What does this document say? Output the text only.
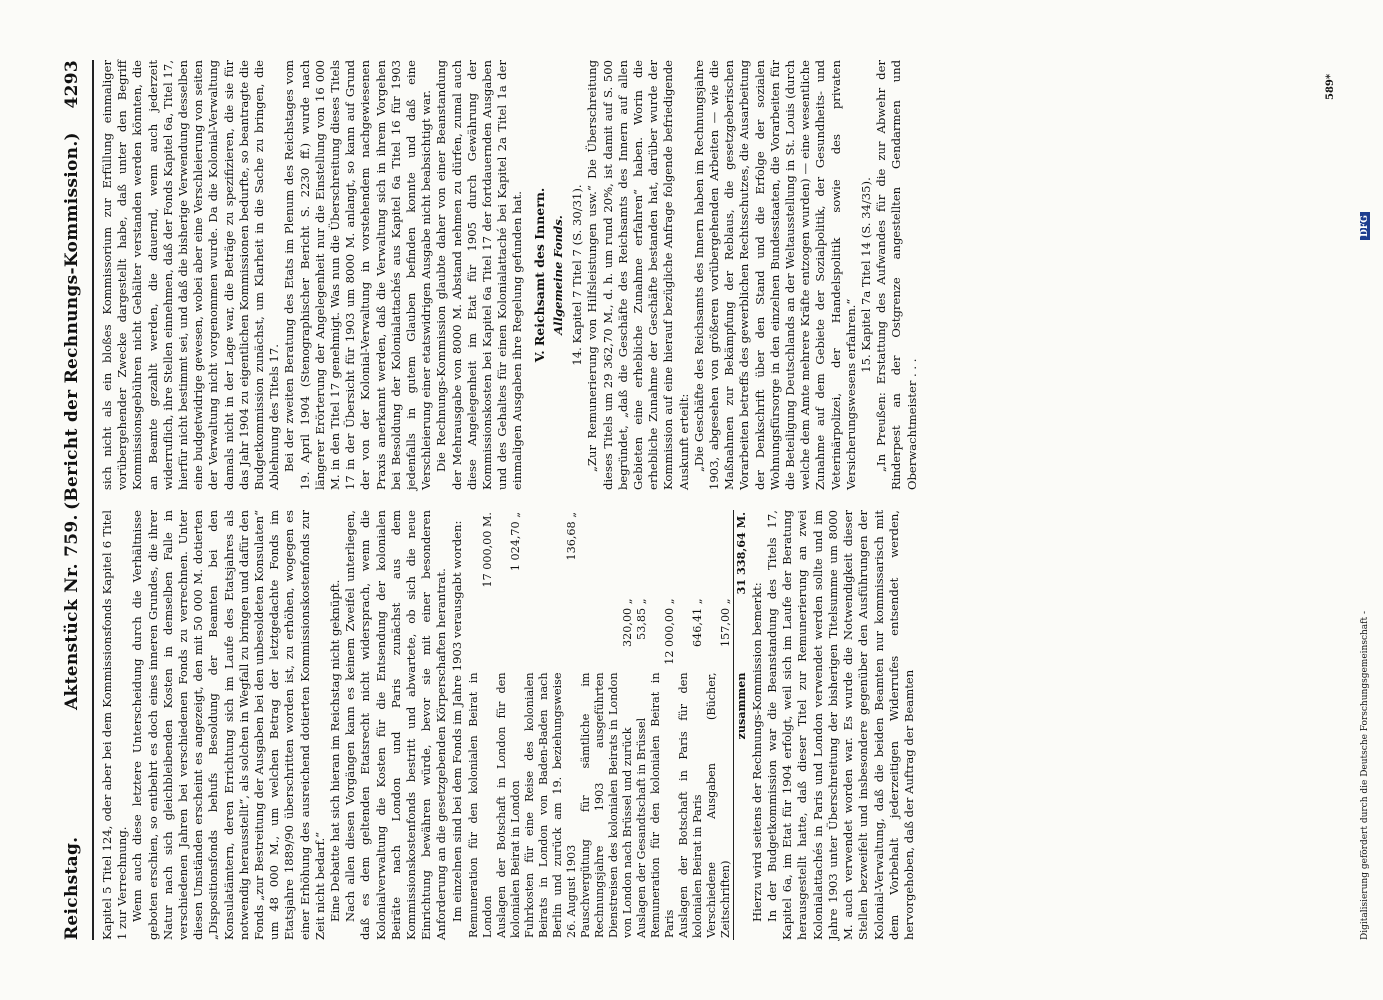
Reichstag.
Aktenstück Nr. 759.
(Bericht der Rechnungs-Kommission.)
4293

Kapitel 5 Titel 124, oder aber bei dem Kommissionsfonds Kapitel 6 Titel 1 zur Verrechnung. Wenn auch diese letztere Unterscheidung durch die Verhältnisse geboten erschien, so entbehrt es doch eines inneren Grundes, die ihrer Natur nach sich gleichbleibenden Kosten in demselben Falle in verschiedenen Jahren bei verschiedenen Fonds zu verrechnen. Unter diesen Umständen erscheint es angezeigt, den mit 50 000 M. dotierten „Dispositionsfonds behufs Besoldung der Beamten bei den Konsulatämtern, deren Errichtung sich im Laufe des Etatsjahres als notwendig herausstellt“, als solchen in Wegfall zu bringen und dafür den Fonds „zur Bestreitung der Ausgaben bei den unbesoldeten Konsulaten“ um 48 000 M., um welchen Betrag der letztgedachte Fonds im Etatsjahre 1889/90 überschritten worden ist, zu erhöhen, wogegen es einer Erhöhung des ausreichend dotierten Kommissionskostenfonds zur Zeit nicht bedarf.“ Eine Debatte hat sich hieran im Reichstag nicht geknüpft. Nach allen diesen Vorgängen kann es keinem Zweifel unterliegen, daß es dem geltenden Etatsrecht nicht widersprach, wenn die Kolonialverwaltung die Kosten für die Entsendung der kolonialen Beiräte nach London und Paris zunächst aus dem Kommissionskostenfonds bestritt und abwartete, ob sich die neue Einrichtung bewähren würde, bevor sie mit einer besonderen Anforderung an die gesetzgebenden Körperschaften herantrat. Im einzelnen sind bei dem Fonds im Jahre 1903 verausgabt worden: Remuneration für den kolonialen Beirat in London		17 000,00 M.
Auslagen der Botschaft in London für den kolonialen Beirat in London		1 024,70 „
Fuhrkosten für eine Reise des kolonialen Beirats in London von Baden-Baden nach Berlin und zurück am 19. beziehungsweise 26. August 1903		136,68 „
Pauschvergütung für sämtliche im Rechnungsjahre 1903 ausgeführten Dienstreisen des kolonialen Beirats in London von London nach Brüssel und zurück	320,00 „	
Auslagen der Gesandtschaft in Brüssel	53,85 „	
Remuneration für den kolonialen Beirat in Paris	12 000,00 „	
Auslagen der Botschaft in Paris für den kolonialen Beirat in Paris	646,41 „	
Verschiedene Ausgaben (Bücher, Zeitschriften)	157,00 „	
zusammen		31 338,64 M.

Hierzu wird seitens der Rechnungs-Kommission bemerkt: In der Budgetkommission war die Beanstandung des Titels 17, Kapitel 6a, im Etat für 1904 erfolgt, weil sich im Laufe der Beratung herausgestellt hatte, daß dieser Titel zur Remunerierung an zwei Kolonialattachés in Paris und London verwendet werden sollte und im Jahre 1903 unter Überschreitung der bisherigen Titelsumme um 8000 M. auch verwendet worden war. Es wurde die Notwendigkeit dieser Stellen bezweifelt und insbesondere gegenüber den Ausführungen der Kolonial-Verwaltung, daß die beiden Beamten nur kommissarisch mit dem Vorbehalt jederzeitigen Widerrufes entsendet werden, hervorgehoben, daß der Auftrag der Beamten

sich nicht als ein bloßes Kommissorium zur Erfüllung einmaliger vorübergehender Zwecke dargestellt habe, daß unter den Begriff Kommissionsgebühren nicht Gehälter verstanden werden könnten, die an Beamte gezahlt werden, die dauernd, wenn auch jederzeit widerruflich, ihre Stellen einnehmen, daß der Fonds Kapitel 6a, Titel 17, hierfür nicht bestimmt sei, und daß die bisherige Verwendung desselben eine budgetwidrige gewesen, wobei aber eine Verschleierung von seiten der Verwaltung nicht vorgenommen wurde. Da die Kolonial-Verwaltung damals nicht in der Lage war, die Beträge zu spezifizieren, die sie für das Jahr 1904 zu eigentlichen Kommissionen bedurfte, so beantragte die Budgetkommission zunächst, um Klarheit in die Sache zu bringen, die Ablehnung des Titels 17. Bei der zweiten Beratung des Etats im Plenum des Reichstages vom 19. April 1904 (Stenographischer Bericht S. 2230 ff.) wurde nach längerer Erörterung der Angelegenheit nur die Einstellung von 16 000 M. in den Titel 17 genehmigt. Was nun die Überschreitung dieses Titels 17 in der Übersicht für 1903 um 8000 M. anlangt, so kann auf Grund der von der Kolonial-Verwaltung in vorstehendem nachgewiesenen Praxis anerkannt werden, daß die Verwaltung sich in ihrem Vorgehen bei Besoldung der Kolonialattachés aus Kapitel 6a Titel 16 für 1903 jedenfalls in gutem Glauben befinden konnte und daß eine Verschleierung einer etatswidrigen Ausgabe nicht beabsichtigt war. Die Rechnungs-Kommission glaubte daher von einer Beanstandung der Mehrausgabe von 8000 M. Abstand nehmen zu dürfen, zumal auch diese Angelegenheit im Etat für 1905 durch Gewährung der Kommissionskosten bei Kapitel 6a Titel 17 der fortdauernden Ausgaben und des Gehaltes für einen Kolonialattaché bei Kapitel 2a Titel 1a der einmaligen Ausgaben ihre Regelung gefunden hat. V. Reichsamt des Innern. Allgemeine Fonds. 14. Kapitel 7 Titel 7 (S. 30/31). „Zur Remunerierung von Hilfsleistungen usw.“ Die Überschreitung dieses Titels um 29 362,70 M., d. h. um rund 20%, ist damit auf S. 500 begründet, „daß die Geschäfte des Reichsamts des Innern auf allen Gebieten eine erhebliche Zunahme erfahren“ haben. Worin die erhebliche Zunahme der Geschäfte bestanden hat, darüber wurde der Kommission auf eine hierauf bezügliche Anfrage folgende befriedigende Auskunft erteilt: „Die Geschäfte des Reichsamts des Innern haben im Rechnungsjahre 1903, abgesehen von größeren vorübergehenden Arbeiten — wie die Maßnahmen zur Bekämpfung der Reblaus, die gesetzgeberischen Vorarbeiten betreffs des gewerblichen Rechtsschutzes, die Ausarbeitung der Denkschrift über den Stand und die Erfolge der sozialen Wohnungsfürsorge in den einzelnen Bundesstaaten, die Vorarbeiten für die Beteiligung Deutschlands an der Weltausstellung in St. Louis (durch welche dem Amte mehrere Kräfte entzogen wurden) — eine wesentliche Zunahme auf dem Gebiete der Sozialpolitik, der Gesundheits- und Veterinärpolizei, der Handelspolitik sowie des privaten Versicherungswesens erfahren.“

15. Kapitel 7a Titel 14 (S. 34/35). „In Preußen: Erstattung des Aufwandes für die zur Abwehr der Rinderpest an der Ostgrenze angestellten Gendarmen und Oberwachtmeister . . .

589*
Digitalisierung gefördert durch die Deutsche Forschungsgemeinschaft -
DFG
